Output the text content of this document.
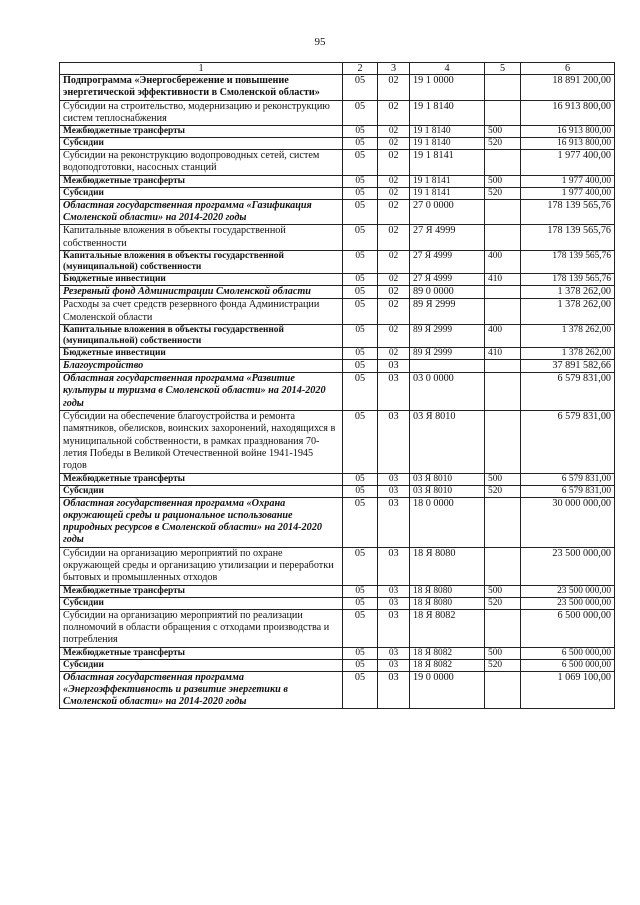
95
1	2	3	4	5	6
Подпрограмма «Энергосбережение и повышение энергетической эффективности в Смоленской области»	05	02	19 1 0000		18 891 200,00
Субсидии на строительство, модернизацию и реконструкцию систем теплоснабжения	05	02	19 1 8140		16 913 800,00
Межбюджетные трансферты	05	02	19 1 8140	500	16 913 800,00
Субсидии	05	02	19 1 8140	520	16 913 800,00
Субсидии на реконструкцию водопроводных сетей, систем водоподготовки, насосных станций	05	02	19 1 8141		1 977 400,00
Межбюджетные трансферты	05	02	19 1 8141	500	1 977 400,00
Субсидии	05	02	19 1 8141	520	1 977 400,00
Областная государственная программа «Газификация Смоленской области» на 2014-2020 годы	05	02	27 0 0000		178 139 565,76
Капитальные вложения в объекты государственной собственности	05	02	27 Я 4999		178 139 565,76
Капитальные вложения в объекты государственной (муниципальной) собственности	05	02	27 Я 4999	400	178 139 565,76
Бюджетные инвестиции	05	02	27 Я 4999	410	178 139 565,76
Резервный фонд Администрации Смоленской области	05	02	89 0 0000		1 378 262,00
Расходы за счет средств резервного фонда Администрации Смоленской области	05	02	89 Я 2999		1 378 262,00
Капитальные вложения в объекты государственной (муниципальной) собственности	05	02	89 Я 2999	400	1 378 262,00
Бюджетные инвестиции	05	02	89 Я 2999	410	1 378 262,00
Благоустройство	05	03			37 891 582,66
Областная государственная программа «Развитие культуры и туризма в Смоленской области» на 2014-2020 годы	05	03	03 0 0000		6 579 831,00
Субсидии на обеспечение благоустройства и ремонта памятников, обелисков, воинских захоронений, находящихся в муниципальной собственности, в рамках празднования 70-летия Победы в Великой Отечественной войне 1941-1945 годов	05	03	03 Я 8010		6 579 831,00
Межбюджетные трансферты	05	03	03 Я 8010	500	6 579 831,00
Субсидии	05	03	03 Я 8010	520	6 579 831,00
Областная государственная программа «Охрана окружающей среды и рациональное использование природных ресурсов в Смоленской области» на 2014-2020 годы	05	03	18 0 0000		30 000 000,00
Субсидии на организацию мероприятий по охране окружающей среды и организацию утилизации и переработки бытовых и промышленных отходов	05	03	18 Я 8080		23 500 000,00
Межбюджетные трансферты	05	03	18 Я 8080	500	23 500 000,00
Субсидии	05	03	18 Я 8080	520	23 500 000,00
Субсидии на организацию мероприятий по реализации полномочий в области обращения с отходами производства и потребления	05	03	18 Я 8082		6 500 000,00
Межбюджетные трансферты	05	03	18 Я 8082	500	6 500 000,00
Субсидии	05	03	18 Я 8082	520	6 500 000,00
Областная государственная программа «Энергоэффективность и развитие энергетики в Смоленской области» на 2014-2020 годы	05	03	19 0 0000		1 069 100,00
